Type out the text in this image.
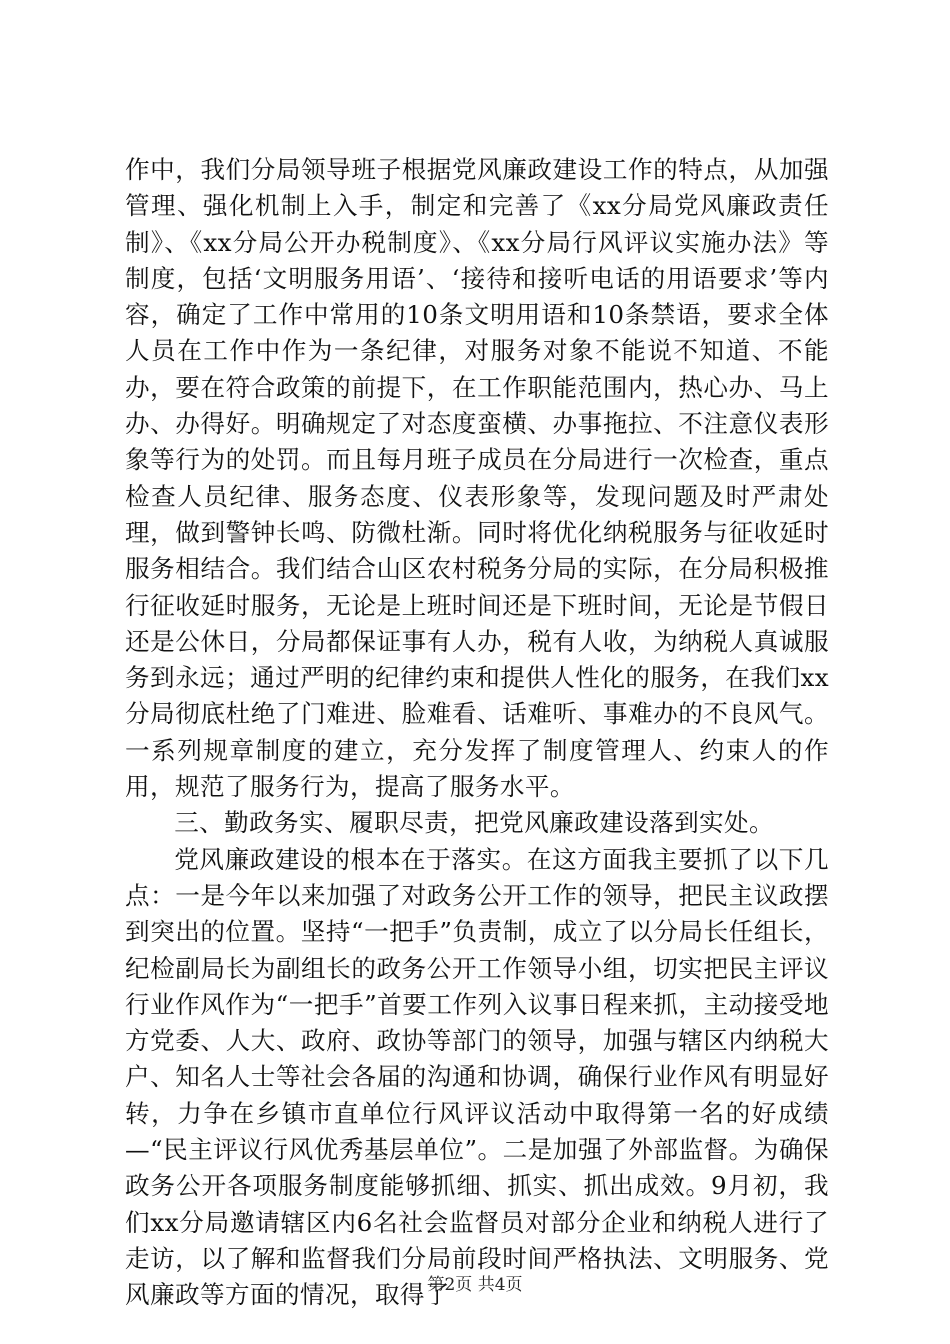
作中，我们分局领导班子根据党风廉政建设工作的特点，从加强管理、强化机制上入手，制定和完善了《xx分局党风廉政责任制》、《xx分局公开办税制度》、《xx分局行风评议实施办法》等制度，包括‘文明服务用语’、‘接待和接听电话的用语要求’等内容，确定了工作中常用的10条文明用语和10条禁语，要求全体人员在工作中作为一条纪律，对服务对象不能说不知道、不能办，要在符合政策的前提下，在工作职能范围内，热心办、马上办、办得好。明确规定了对态度蛮横、办事拖拉、不注意仪表形象等行为的处罚。而且每月班子成员在分局进行一次检查，重点检查人员纪律、服务态度、仪表形象等，发现问题及时严肃处理，做到警钟长鸣、防微杜渐。同时将优化纳税服务与征收延时服务相结合。我们结合山区农村税务分局的实际，在分局积极推行征收延时服务，无论是上班时间还是下班时间，无论是节假日还是公休日，分局都保证事有人办，税有人收，为纳税人真诚服务到永远；通过严明的纪律约束和提供人性化的服务，在我们xx分局彻底杜绝了门难进、脸难看、话难听、事难办的不良风气。一系列规章制度的建立，充分发挥了制度管理人、约束人的作用，规范了服务行为，提高了服务水平。

三、勤政务实、履职尽责，把党风廉政建设落到实处。

党风廉政建设的根本在于落实。在这方面我主要抓了以下几点：一是今年以来加强了对政务公开工作的领导，把民主议政摆到突出的位置。坚持“一把手”负责制，成立了以分局长任组长，纪检副局长为副组长的政务公开工作领导小组，切实把民主评议行业作风作为“一把手”首要工作列入议事日程来抓，主动接受地方党委、人大、政府、政协等部门的领导，加强与辖区内纳税大户、知名人士等社会各届的沟通和协调，确保行业作风有明显好转，力争在乡镇市直单位行风评议活动中取得第一名的好成绩—“民主评议行风优秀基层单位”。二是加强了外部监督。为确保政务公开各项服务制度能够抓细、抓实、抓出成效。9月初，我们xx分局邀请辖区内6名社会监督员对部分企业和纳税人进行了走访，以了解和监督我们分局前段时间严格执法、文明服务、党风廉政等方面的情况，取得了

第2页 共4页
